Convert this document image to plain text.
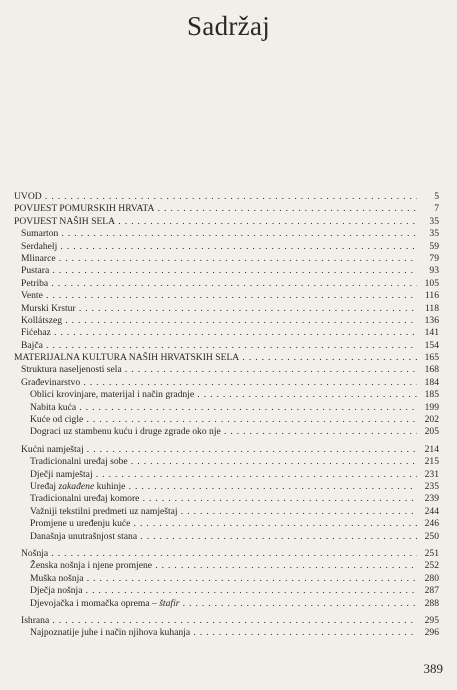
Sadržaj
UVOD . . .	5
POVIJEST POMURSKIH HRVATA . . .	7
POVIJEST NAŠIH SELA . . .	35
Sumarton . . .	35
Serdahelj . . .	59
Mlinarce . . .	79
Pustara . . .	93
Petriba . . .	105
Vente . . .	116
Murski Krstur . . .	118
Kollátszeg . . .	136
Fićehaz . . .	141
Bajča . . .	154
MATERIJALNA KULTURA NAŠIH HRVATSKIH SELA . . .	165
Struktura naseljenosti sela . . .	168
Građevinarstvo . . .	184
Oblici krovinjare, materijal i način gradnje . . .	185
Nabita kuća . . .	199
Kuće od cigle . . .	202
Dograci uz stambenu kuću i druge zgrade oko nje . . .	205
Kućni namještaj . . .	214
Tradicionalni uređaj sobe . . .	215
Dječji namještaj . . .	231
Uređaj zakađene kuhinje . . .	235
Tradicionalni uređaj komore . . .	239
Važniji tekstilni predmeti uz namještaj . . .	244
Promjene u uređenju kuće . . .	246
Današnja unutrašnjost stana . . .	250
Nošnja . . .	251
Ženska nošnja i njene promjene . . .	252
Muška nošnja . . .	280
Dječja nošnja . . .	287
Djevojačka i momačka oprema – štafir . . .	288
Ishrana . . .	295
Najpoznatije juhe i način njihova kuhanja . . .	296
389
